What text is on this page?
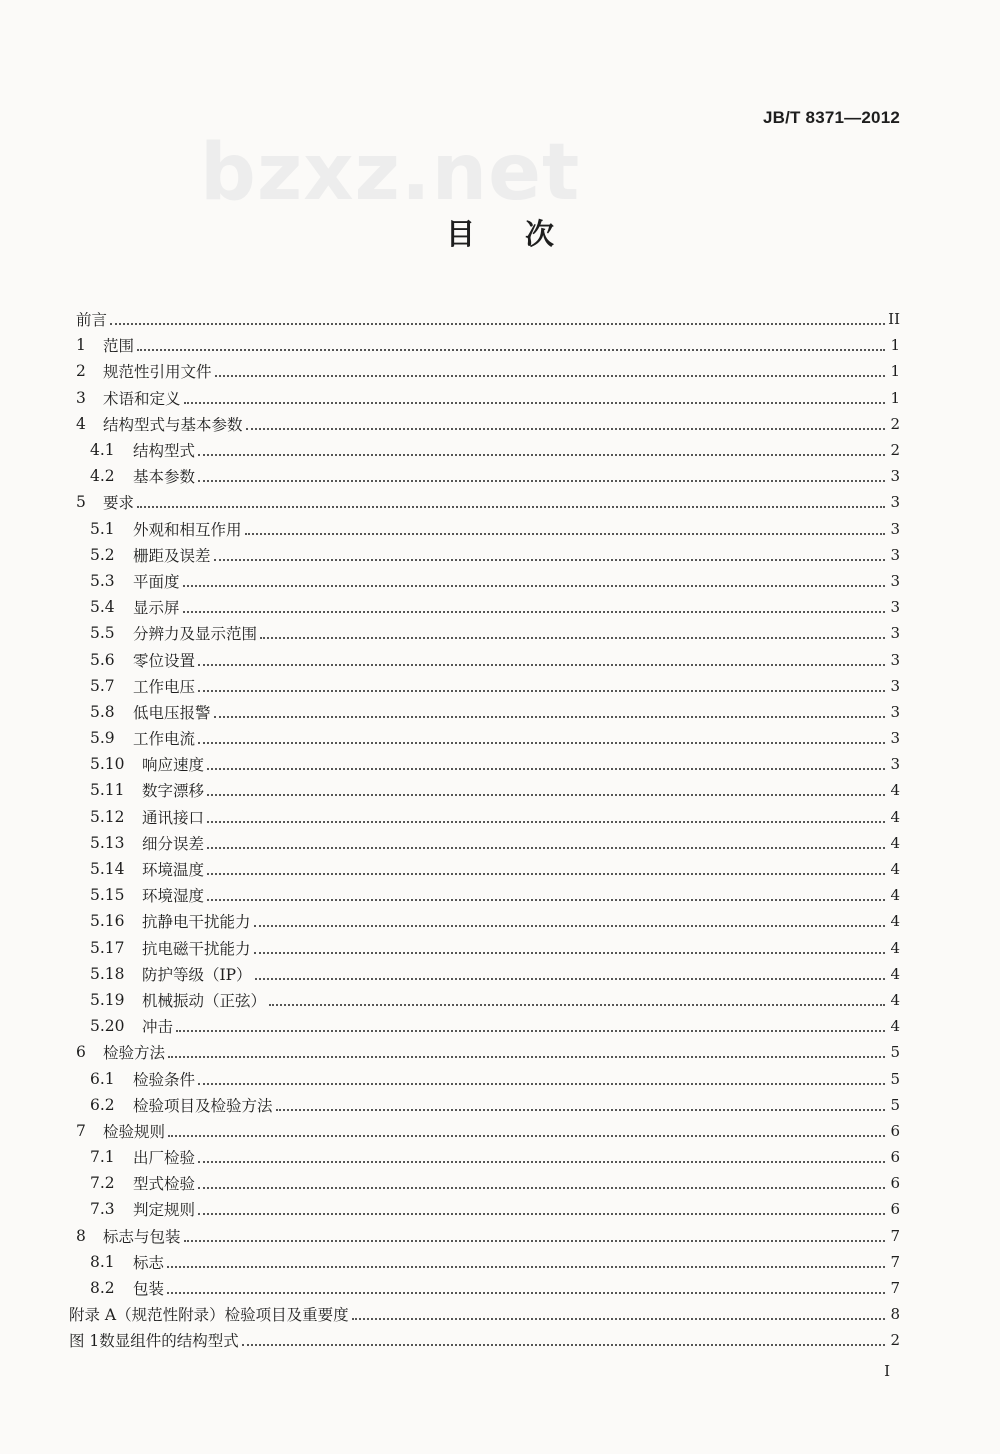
JB/T 8371—2012
bzxz.net
目次
前言	II
1	范围	1
2	规范性引用文件	1
3	术语和定义	1
4	结构型式与基本参数	2
4.1	结构型式	2
4.2	基本参数	3
5	要求	3
5.1	外观和相互作用	3
5.2	栅距及误差	3
5.3	平面度	3
5.4	显示屏	3
5.5	分辨力及显示范围	3
5.6	零位设置	3
5.7	工作电压	3
5.8	低电压报警	3
5.9	工作电流	3
5.10	响应速度	3
5.11	数字漂移	4
5.12	通讯接口	4
5.13	细分误差	4
5.14	环境温度	4
5.15	环境湿度	4
5.16	抗静电干扰能力	4
5.17	抗电磁干扰能力	4
5.18	防护等级（IP）	4
5.19	机械振动（正弦）	4
5.20	冲击	4
6	检验方法	5
6.1	检验条件	5
6.2	检验项目及检验方法	5
7	检验规则	6
7.1	出厂检验	6
7.2	型式检验	6
7.3	判定规则	6
8	标志与包装	7
8.1	标志	7
8.2	包装	7
附录 A（规范性附录）检验项目及重要度	8
图 1 数显组件的结构型式	2
I
